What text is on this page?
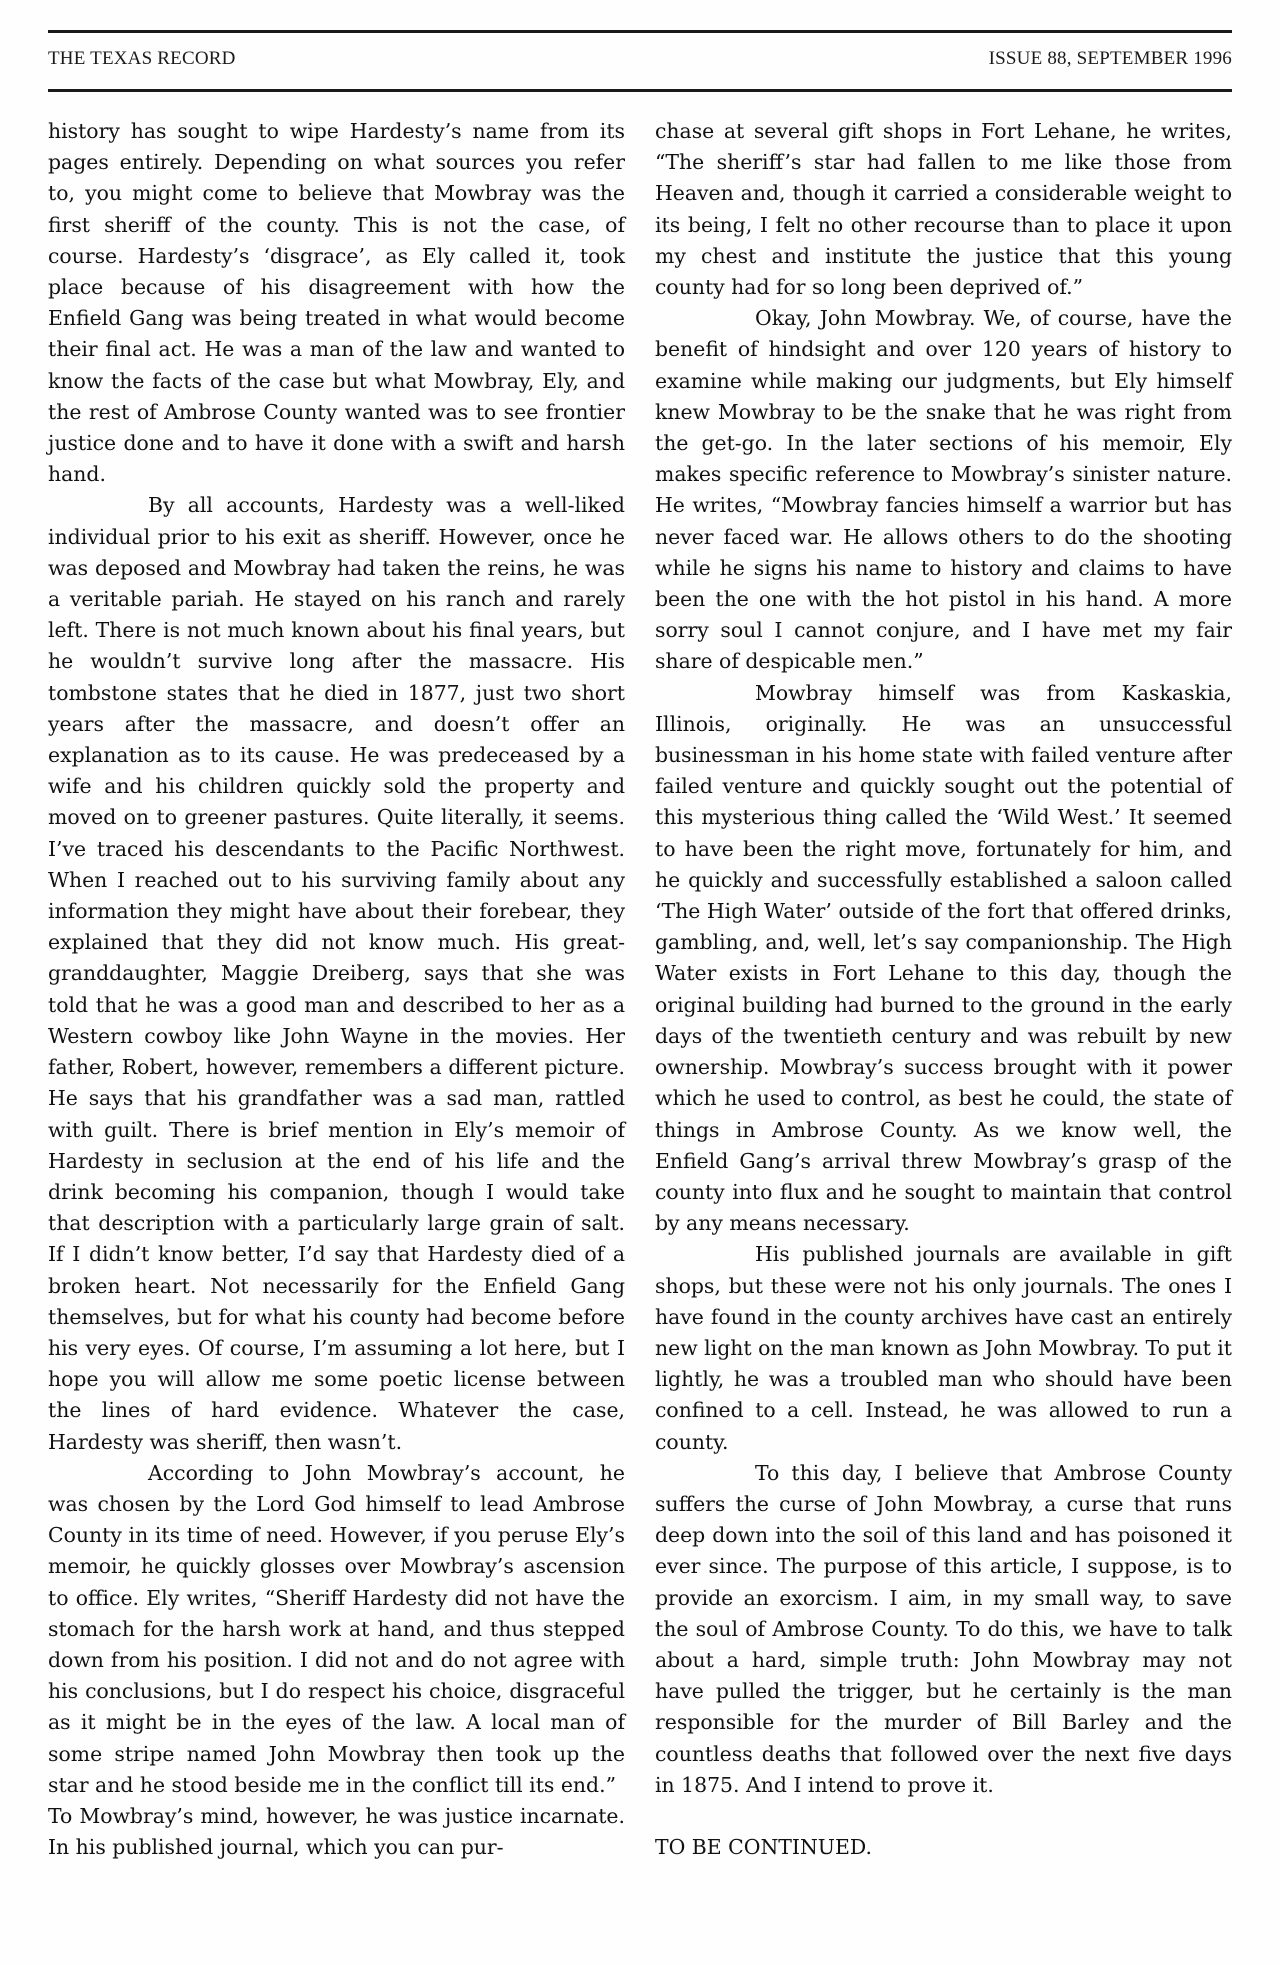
THE TEXAS RECORD	ISSUE 88, SEPTEMBER 1996

history has sought to wipe Hardesty’s name from its pages entirely. Depending on what sources you refer to, you might come to believe that Mowbray was the first sheriff of the county. This is not the case, of course. Hardesty’s ‘disgrace’, as Ely called it, took place because of his disagreement with how the Enfield Gang was being treated in what would become their final act. He was a man of the law and wanted to know the facts of the case but what Mowbray, Ely, and the rest of Ambrose County wanted was to see frontier justice done and to have it done with a swift and harsh hand.

By all accounts, Hardesty was a well-liked individual prior to his exit as sheriff. However, once he was deposed and Mowbray had taken the reins, he was a veritable pariah. He stayed on his ranch and rarely left. There is not much known about his final years, but he wouldn’t survive long after the massacre. His tombstone states that he died in 1877, just two short years after the massacre, and doesn’t offer an explanation as to its cause. He was predeceased by a wife and his children quickly sold the property and moved on to greener pastures. Quite literally, it seems. I’ve traced his descendants to the Pacific Northwest. When I reached out to his surviving family about any information they might have about their forebear, they explained that they did not know much. His great-granddaughter, Maggie Dreiberg, says that she was told that he was a good man and described to her as a Western cowboy like John Wayne in the movies. Her father, Robert, however, remembers a different picture. He says that his grandfather was a sad man, rattled with guilt. There is brief mention in Ely’s memoir of Hardesty in seclusion at the end of his life and the drink becoming his companion, though I would take that description with a particularly large grain of salt. If I didn’t know better, I’d say that Hardesty died of a broken heart. Not necessarily for the Enfield Gang themselves, but for what his county had become before his very eyes. Of course, I’m assuming a lot here, but I hope you will allow me some poetic license between the lines of hard evidence. Whatever the case, Hardesty was sheriff, then wasn’t.

According to John Mowbray’s account, he was chosen by the Lord God himself to lead Ambrose County in its time of need. However, if you peruse Ely’s memoir, he quickly glosses over Mowbray’s ascension to office. Ely writes, “Sheriff Hardesty did not have the stomach for the harsh work at hand, and thus stepped down from his position. I did not and do not agree with his conclusions, but I do respect his choice, disgraceful as it might be in the eyes of the law. A local man of some stripe named John Mowbray then took up the star and he stood beside me in the conflict till its end.”

To Mowbray’s mind, however, he was justice incarnate. In his published journal, which you can pur-

chase at several gift shops in Fort Lehane, he writes, “The sheriff’s star had fallen to me like those from Heaven and, though it carried a considerable weight to its being, I felt no other recourse than to place it upon my chest and institute the justice that this young county had for so long been deprived of.”

Okay, John Mowbray. We, of course, have the benefit of hindsight and over 120 years of history to examine while making our judgments, but Ely himself knew Mowbray to be the snake that he was right from the get-go. In the later sections of his memoir, Ely makes specific reference to Mowbray’s sinister nature. He writes, “Mowbray fancies himself a warrior but has never faced war. He allows others to do the shooting while he signs his name to history and claims to have been the one with the hot pistol in his hand. A more sorry soul I cannot conjure, and I have met my fair share of despicable men.”

Mowbray himself was from Kaskaskia, Illinois, originally. He was an unsuccessful businessman in his home state with failed venture after failed venture and quickly sought out the potential of this mysterious thing called the ‘Wild West.’ It seemed to have been the right move, fortunately for him, and he quickly and successfully established a saloon called ‘The High Water’ outside of the fort that offered drinks, gambling, and, well, let’s say companionship. The High Water exists in Fort Lehane to this day, though the original building had burned to the ground in the early days of the twentieth century and was rebuilt by new ownership. Mowbray’s success brought with it power which he used to control, as best he could, the state of things in Ambrose County. As we know well, the Enfield Gang’s arrival threw Mowbray’s grasp of the county into flux and he sought to maintain that control by any means necessary.

His published journals are available in gift shops, but these were not his only journals. The ones I have found in the county archives have cast an entirely new light on the man known as John Mowbray. To put it lightly, he was a troubled man who should have been confined to a cell. Instead, he was allowed to run a county.

To this day, I believe that Ambrose County suffers the curse of John Mowbray, a curse that runs deep down into the soil of this land and has poisoned it ever since. The purpose of this article, I suppose, is to provide an exorcism. I aim, in my small way, to save the soul of Ambrose County. To do this, we have to talk about a hard, simple truth: John Mowbray may not have pulled the trigger, but he certainly is the man responsible for the murder of Bill Barley and the countless deaths that followed over the next five days in 1875. And I intend to prove it.

TO BE CONTINUED.
